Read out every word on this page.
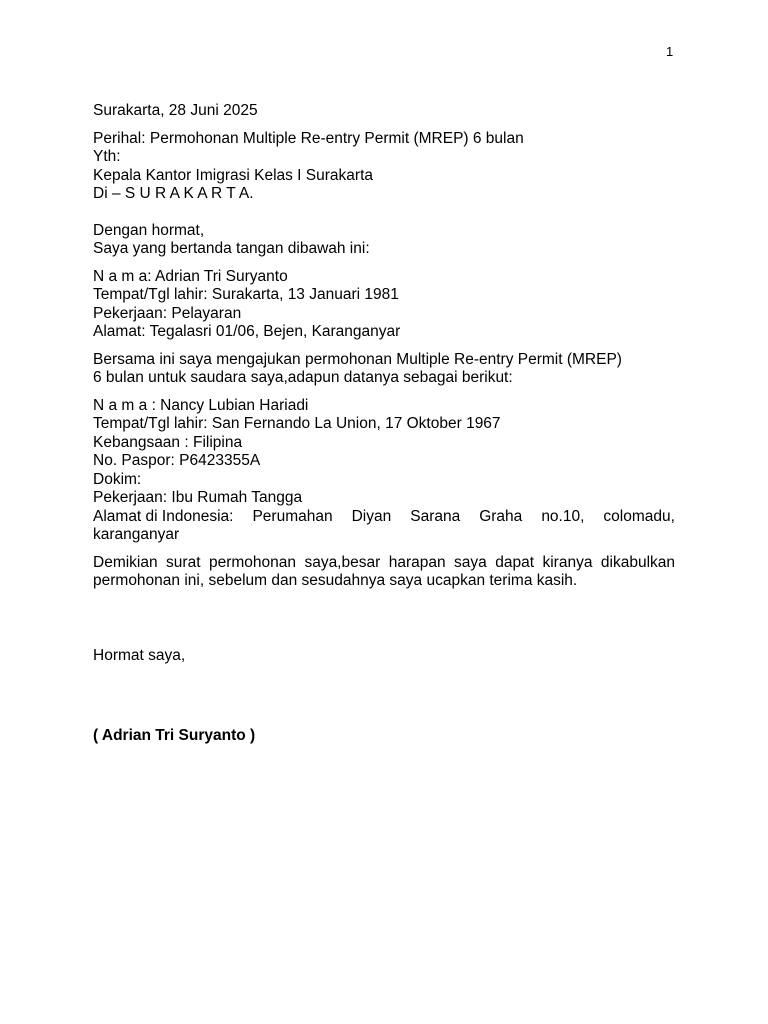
1
Surakarta, 28 Juni 2025
Perihal: Permohonan Multiple Re-entry Permit (MREP) 6 bulan
Yth:
Kepala Kantor Imigrasi Kelas I Surakarta
Di – S U R A K A R T A.
Dengan hormat,
Saya yang bertanda tangan dibawah ini:
N a m a: Adrian Tri Suryanto
Tempat/Tgl lahir: Surakarta, 13 Januari 1981
Pekerjaan: Pelayaran
Alamat: Tegalasri 01/06, Bejen, Karanganyar
Bersama ini saya mengajukan permohonan Multiple Re-entry Permit (MREP)
6 bulan untuk saudara saya,adapun datanya sebagai berikut:
N a m a : Nancy Lubian Hariadi
Tempat/Tgl lahir: San Fernando La Union, 17 Oktober 1967
Kebangsaan : Filipina
No. Paspor: P6423355A
Dokim:
Pekerjaan: Ibu Rumah Tangga
Alamat di Indonesia: Perumahan Diyan Sarana Graha no.10, colomadu,
karanganyar

Demikian surat permohonan saya,besar harapan saya dapat kiranya dikabulkan permohonan ini, sebelum dan sesudahnya saya ucapkan terima kasih.

Hormat saya,
( Adrian Tri Suryanto )
